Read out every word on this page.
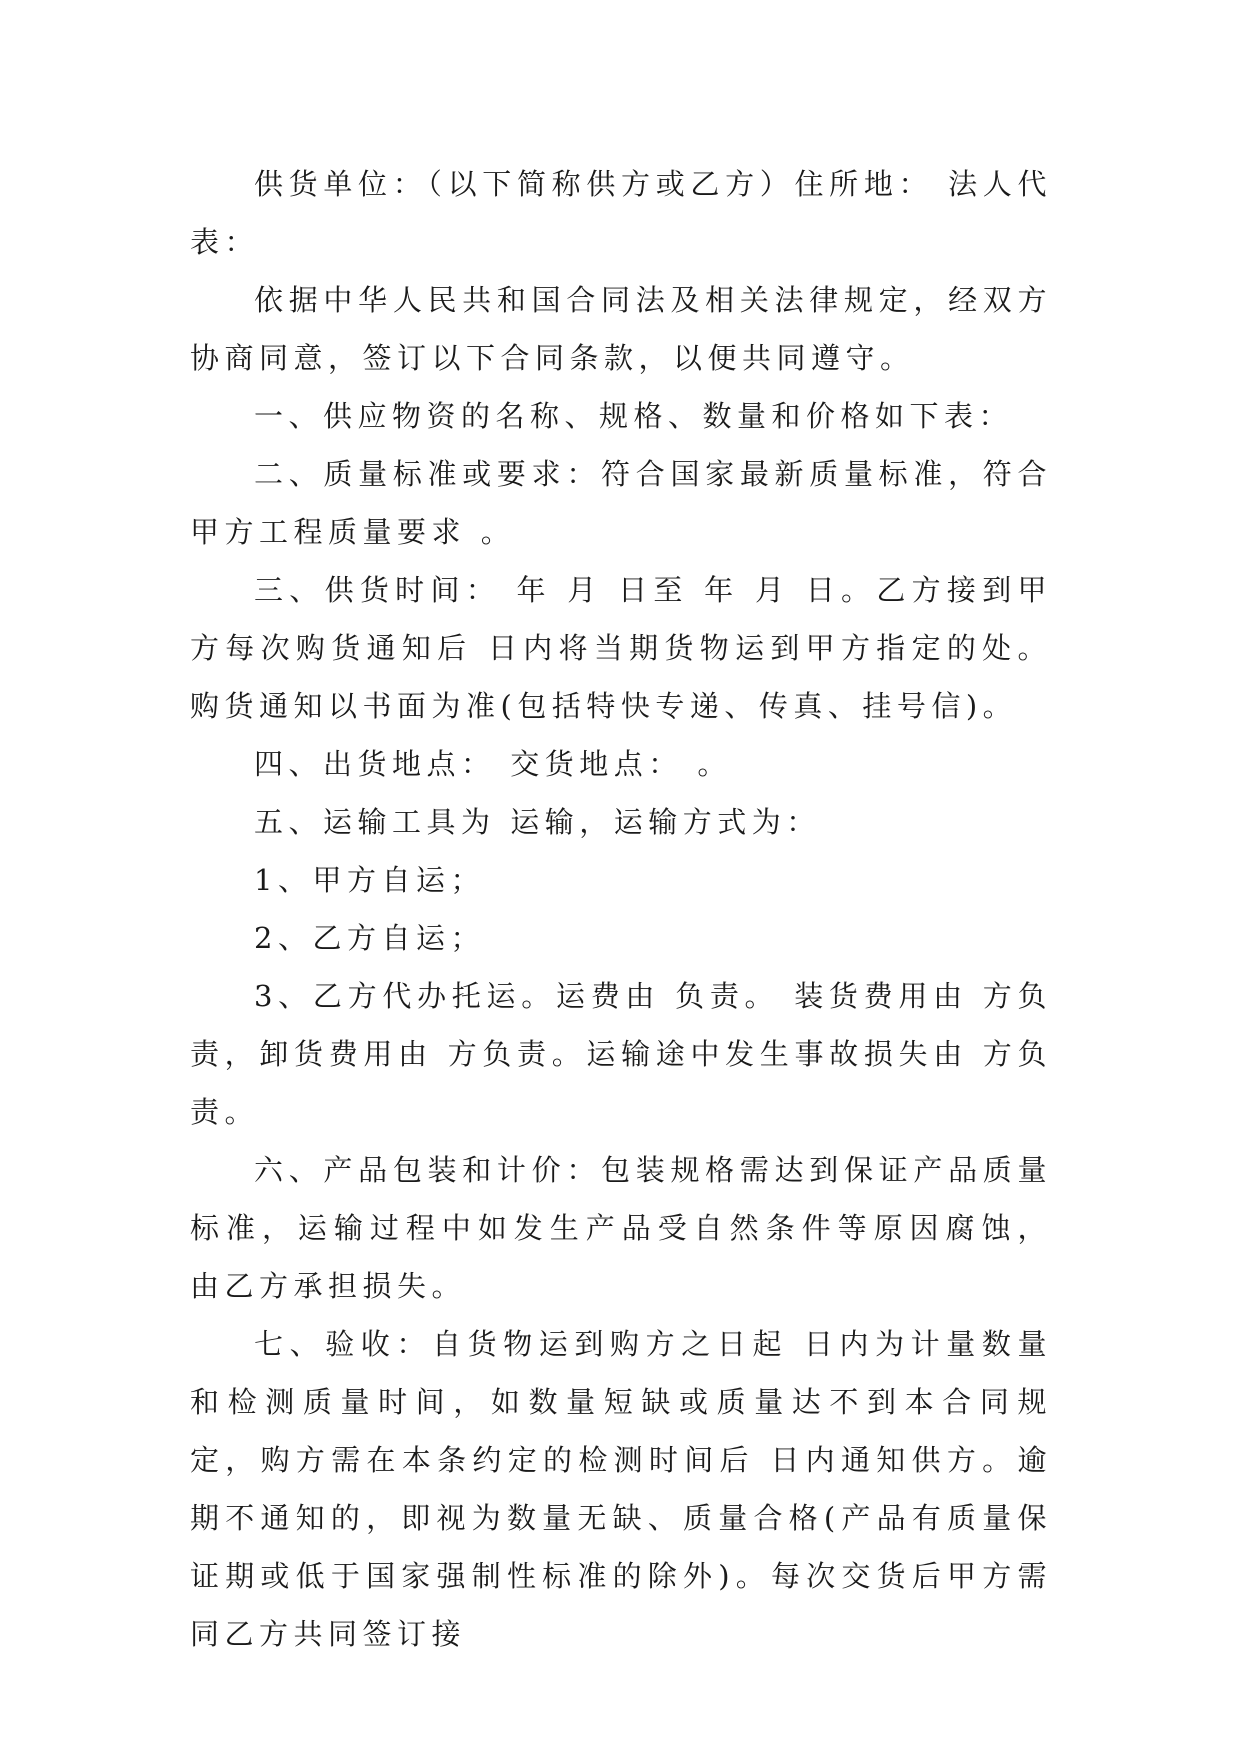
供货单位：（以下简称供方或乙方）住所地： 法人代表：

依据中华人民共和国合同法及相关法律规定，经双方协商同意，签订以下合同条款，以便共同遵守。

一、供应物资的名称、规格、数量和价格如下表：

二、质量标准或要求：符合国家最新质量标准，符合甲方工程质量要求 。

三、供货时间： 年 月 日至 年 月 日。乙方接到甲方每次购货通知后 日内将当期货物运到甲方指定的处。购货通知以书面为准(包括特快专递、传真、挂号信)。

四、出货地点： 交货地点： 。

五、运输工具为 运输，运输方式为：

1、甲方自运；

2、乙方自运；

3、乙方代办托运。运费由 负责。 装货费用由 方负责，卸货费用由 方负责。运输途中发生事故损失由 方负责。

六、产品包装和计价：包装规格需达到保证产品质量标准，运输过程中如发生产品受自然条件等原因腐蚀，由乙方承担损失。

七、验收：自货物运到购方之日起 日内为计量数量和检测质量时间，如数量短缺或质量达不到本合同规定，购方需在本条约定的检测时间后 日内通知供方。逾期不通知的，即视为数量无缺、质量合格(产品有质量保证期或低于国家强制性标准的除外)。每次交货后甲方需同乙方共同签订接
